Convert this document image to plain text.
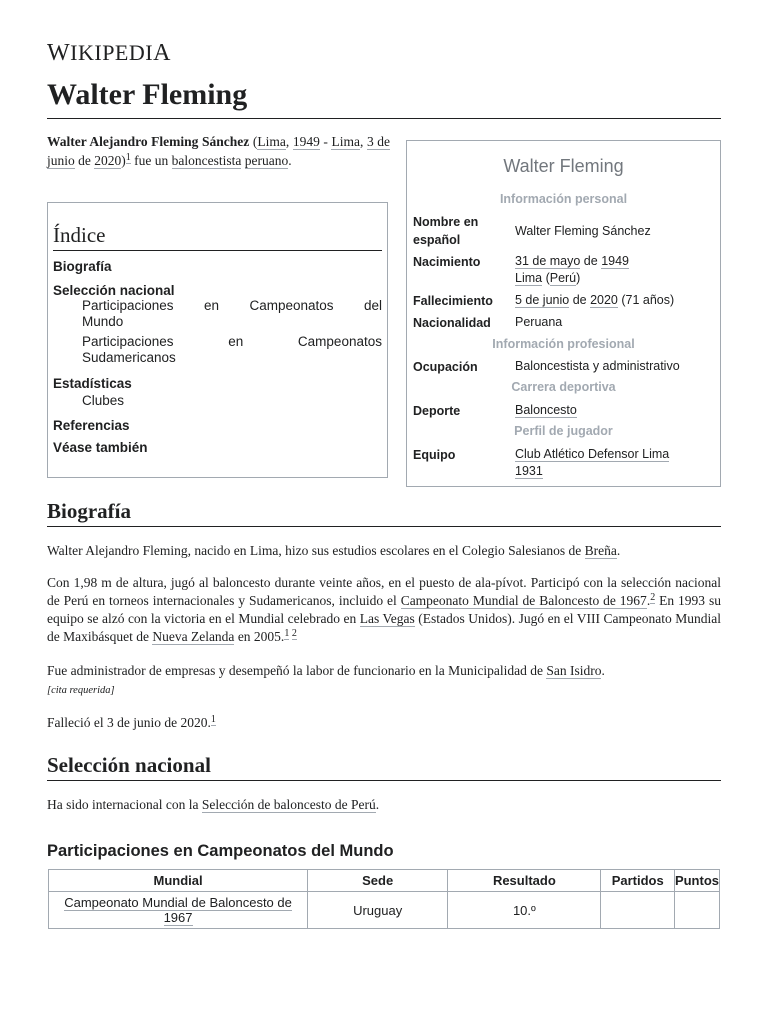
WIKIPEDIA
Walter Fleming
Walter Alejandro Fleming Sánchez (Lima, 1949 - Lima, 3 de junio de 2020)$^1$ fue un baloncestista peruano.
Índice
Biografía
Selección nacional
Participaciones en Campeonatos del
Mundo
Participaciones	en	Campeonatos
Sudamericanos
Estadísticas
Clubes
Referencias
Véase también
Walter Fleming
Información personal
Nombre en español
Walter Fleming Sánchez
Nacimiento	31 de mayo de 1949
Lima (Perú)
Fallecimiento	5 de junio de 2020 (71 años)
Nacionalidad	Peruana
Información profesional
Ocupación	Baloncestista y administrativo
Carrera deportiva
Deporte	Baloncesto
Perfil de jugador
Equipo	Club Atlético Defensor Lima
1931
Biografía

Walter Alejandro Fleming, nacido en Lima, hizo sus estudios escolares en el Colegio Salesianos de Breña.

Con 1,98 m de altura, jugó al baloncesto durante veinte años, en el puesto de ala-pívot. Participó con la selección nacional de Perú en torneos internacionales y Sudamericanos, incluido el Campeonato Mundial de Baloncesto de 1967.$^2$ En 1993 su equipo se alzó con la victoria en el Mundial celebrado en Las Vegas (Estados Unidos). Jugó en el VIII Campeonato Mundial de Maxibásquet de Nueva Zelanda en 2005.$^{1 2}$

Fue administrador de empresas y desempeñó la labor de funcionario en la Municipalidad de San Isidro.
[cita requerida]

Falleció el 3 de junio de 2020.$^1$

Selección nacional

Ha sido internacional con la Selección de baloncesto de Perú.

Participaciones en Campeonatos del Mundo
Mundial	Sede	Resultado	Partidos	Puntos
Campeonato Mundial de Baloncesto de 1967	Uruguay	10.º		
